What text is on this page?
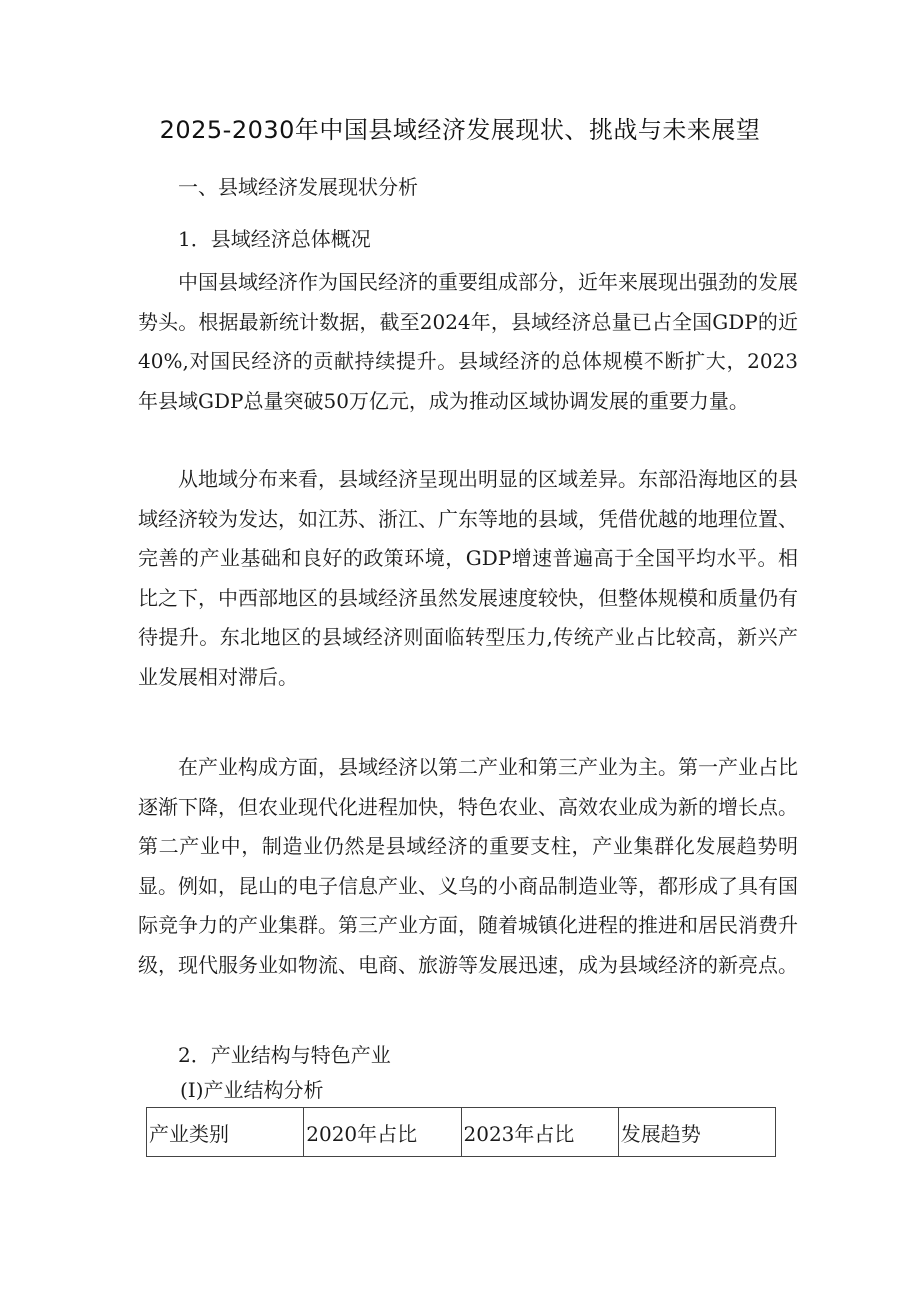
2025-2030年中国县域经济发展现状、挑战与未来展望
一、县域经济发展现状分析
1．县域经济总体概况
中国县域经济作为国民经济的重要组成部分，近年来展现出强劲的发展势头。根据最新统计数据，截至2024年，县域经济总量已占全国GDP的近40%,对国民经济的贡献持续提升。县域经济的总体规模不断扩大，2023年县域GDP总量突破50万亿元，成为推动区域协调发展的重要力量。
从地域分布来看，县域经济呈现出明显的区域差异。东部沿海地区的县域经济较为发达，如江苏、浙江、广东等地的县域，凭借优越的地理位置、完善的产业基础和良好的政策环境，GDP增速普遍高于全国平均水平。相比之下，中西部地区的县域经济虽然发展速度较快，但整体规模和质量仍有待提升。东北地区的县域经济则面临转型压力,传统产业占比较高，新兴产业发展相对滞后。
在产业构成方面，县域经济以第二产业和第三产业为主。第一产业占比逐渐下降，但农业现代化进程加快，特色农业、高效农业成为新的增长点。第二产业中，制造业仍然是县域经济的重要支柱，产业集群化发展趋势明显。例如，昆山的电子信息产业、义乌的小商品制造业等，都形成了具有国际竞争力的产业集群。第三产业方面，随着城镇化进程的推进和居民消费升级，现代服务业如物流、电商、旅游等发展迅速，成为县域经济的新亮点。
2．产业结构与特色产业
(I)产业结构分析
产业类别	2020年占比	2023年占比	发展趋势
